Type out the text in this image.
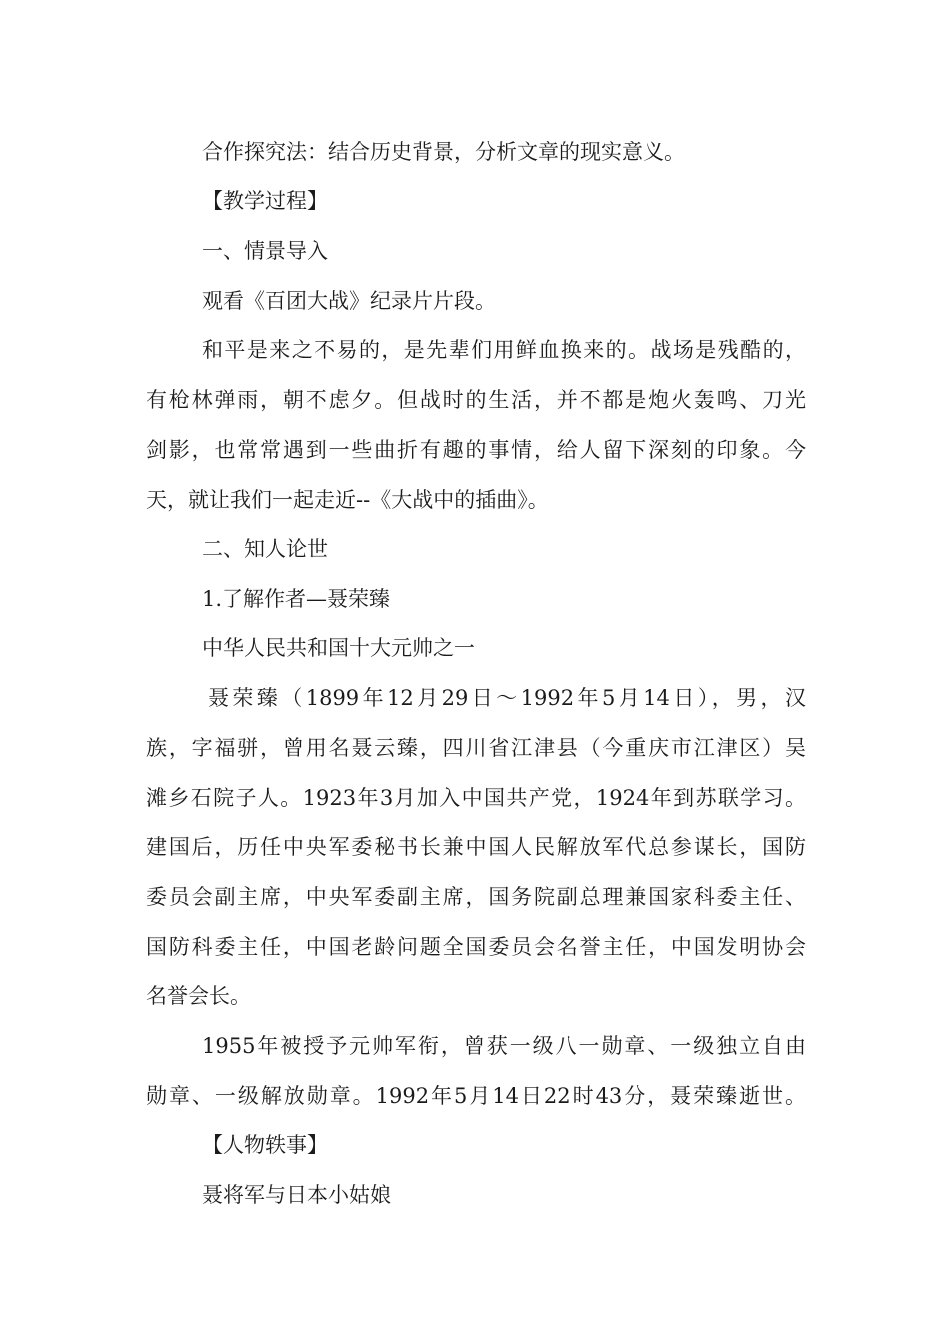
合作探究法：结合历史背景，分析文章的现实意义。

【教学过程】

一、情景导入

观看《百团大战》纪录片片段。

和平是来之不易的，是先辈们用鲜血换来的。战场是残酷的，

有枪林弹雨，朝不虑夕。但战时的生活，并不都是炮火轰鸣、刀光

剑影，也常常遇到一些曲折有趣的事情，给人留下深刻的印象。今

天，就让我们一起走近--《大战中的插曲》。

二、知人论世

1.了解作者—聂荣臻

中华人民共和国十大元帅之一

聂荣臻（1899年12月29日～1992年5月14日），男，汉

族，字福骈，曾用名聂云臻，四川省江津县（今重庆市江津区）吴

滩乡石院子人。1923年3月加入中国共产党，1924年到苏联学习。

建国后，历任中央军委秘书长兼中国人民解放军代总参谋长，国防

委员会副主席，中央军委副主席，国务院副总理兼国家科委主任、

国防科委主任，中国老龄问题全国委员会名誉主任，中国发明协会

名誉会长。

1955年被授予元帅军衔，曾获一级八一勋章、一级独立自由

勋章、一级解放勋章。1992年5月14日22时43分，聂荣臻逝世。

【人物轶事】

聂将军与日本小姑娘
